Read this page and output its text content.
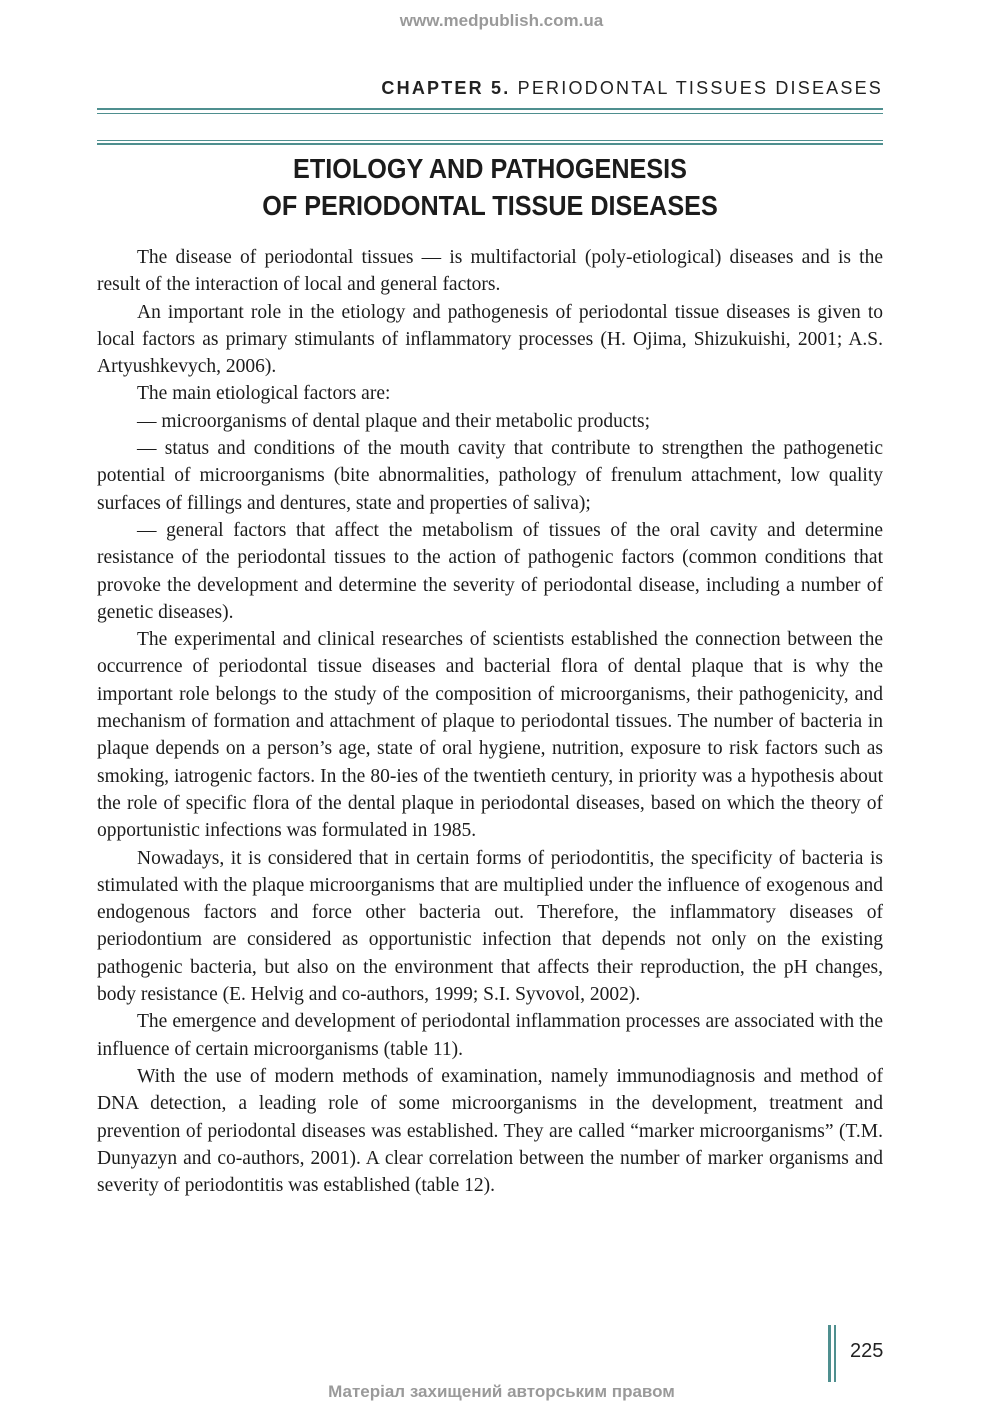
www.medpublish.com.ua
CHAPTER 5. PERIODONTAL TISSUES DISEASES
ETIOLOGY AND PATHOGENESIS
OF PERIODONTAL TISSUE DISEASES

The disease of periodontal tissues — is multifactorial (poly-etiological) diseases and is the result of the interaction of local and general factors.

An important role in the etiology and pathogenesis of periodontal tissue diseases is given to local factors as primary stimulants of inflammatory processes (H. Ojima, Shizukuishi, 2001; A.S. Artyushkevych, 2006).

The main etiological factors are:

— microorganisms of dental plaque and their metabolic products;

— status and conditions of the mouth cavity that contribute to strengthen the pathogenetic potential of microorganisms (bite abnormalities, pathology of frenulum attachment, low quality surfaces of fillings and dentures, state and properties of saliva);

— general factors that affect the metabolism of tissues of the oral cavity and determine resistance of the periodontal tissues to the action of pathogenic factors (common conditions that provoke the development and determine the severity of periodontal disease, including a number of genetic diseases).

The experimental and clinical researches of scientists established the connection between the occurrence of periodontal tissue diseases and bacterial flora of dental plaque that is why the important role belongs to the study of the composition of microorganisms, their pathogenicity, and mechanism of formation and attachment of plaque to periodontal tissues. The number of bacteria in plaque depends on a person’s age, state of oral hygiene, nutrition, exposure to risk factors such as smoking, iatrogenic factors. In the 80-ies of the twentieth century, in priority was a hypothesis about the role of specific flora of the dental plaque in periodontal diseases, based on which the theory of opportunistic infections was formulated in 1985.

Nowadays, it is considered that in certain forms of periodontitis, the specificity of bacteria is stimulated with the plaque microorganisms that are multiplied under the influence of exogenous and endogenous factors and force other bacteria out. Therefore, the inflammatory diseases of periodontium are considered as opportunistic infection that depends not only on the existing pathogenic bacteria, but also on the environment that affects their reproduction, the pH changes, body resistance (E. Helvig and co-authors, 1999; S.I. Syvovol, 2002).

The emergence and development of periodontal inflammation processes are associated with the influence of certain microorganisms (table 11).

With the use of modern methods of examination, namely immunodiagnosis and method of DNA detection, a leading role of some microorganisms in the development, treatment and prevention of periodontal diseases was established. They are called “marker microorganisms” (T.M. Dunyazyn and co-authors, 2001). A clear correlation between the number of marker organisms and severity of periodontitis was established (table 12).

225
Матеріал захищений авторським правом
